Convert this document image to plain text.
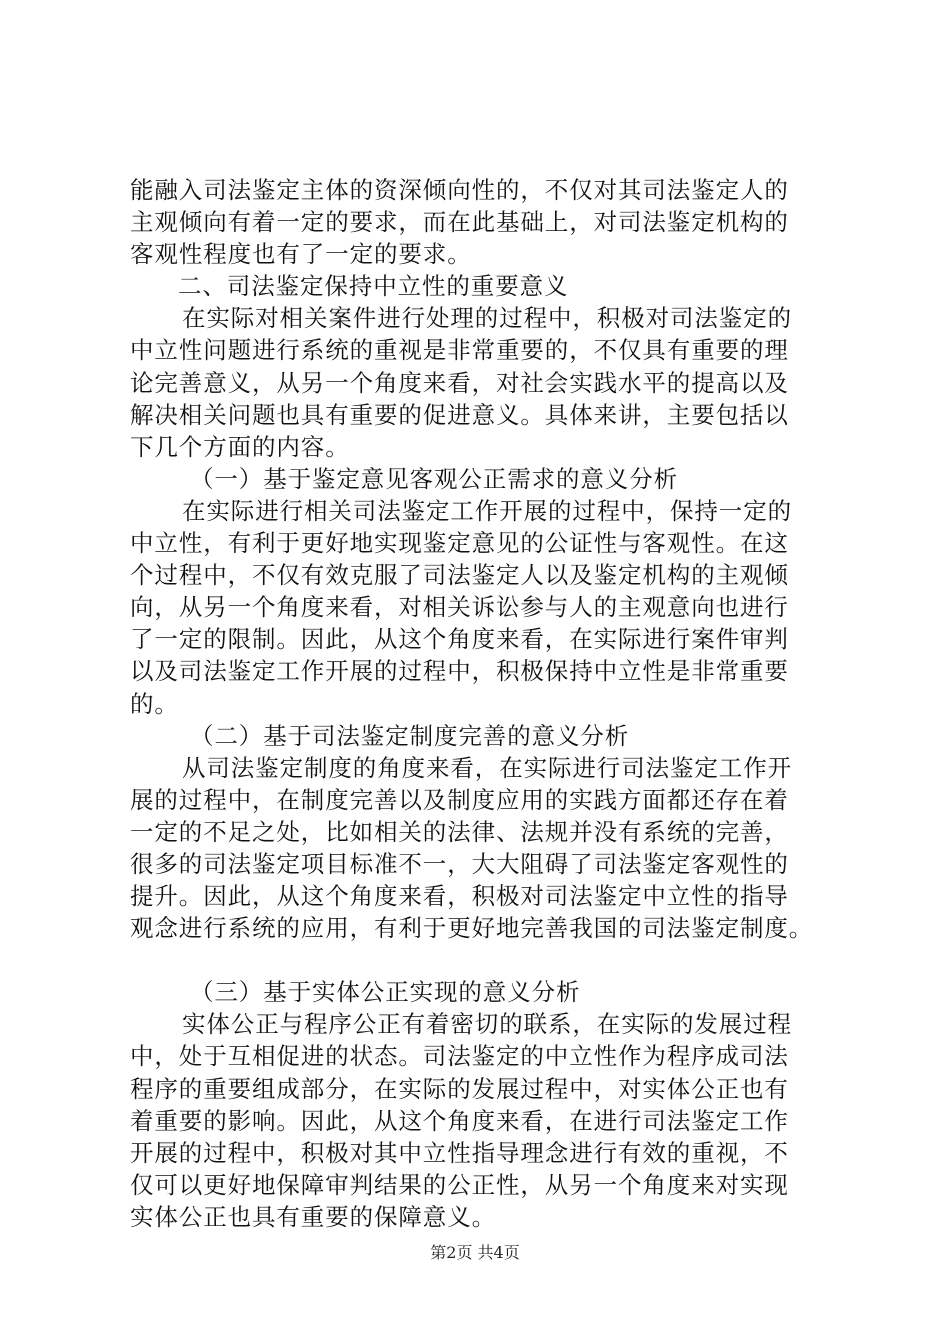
能融入司法鉴定主体的资深倾向性的，不仅对其司法鉴定人的
主观倾向有着一定的要求，而在此基础上，对司法鉴定机构的
客观性程度也有了一定的要求。
二、司法鉴定保持中立性的重要意义
在实际对相关案件进行处理的过程中，积极对司法鉴定的
中立性问题进行系统的重视是非常重要的，不仅具有重要的理
论完善意义，从另一个角度来看，对社会实践水平的提高以及
解决相关问题也具有重要的促进意义。具体来讲，主要包括以
下几个方面的内容。
（一）基于鉴定意见客观公正需求的意义分析
在实际进行相关司法鉴定工作开展的过程中，保持一定的
中立性，有利于更好地实现鉴定意见的公证性与客观性。在这
个过程中，不仅有效克服了司法鉴定人以及鉴定机构的主观倾
向，从另一个角度来看，对相关诉讼参与人的主观意向也进行
了一定的限制。因此，从这个角度来看，在实际进行案件审判
以及司法鉴定工作开展的过程中，积极保持中立性是非常重要
的。
（二）基于司法鉴定制度完善的意义分析
从司法鉴定制度的角度来看，在实际进行司法鉴定工作开
展的过程中，在制度完善以及制度应用的实践方面都还存在着
一定的不足之处，比如相关的法律、法规并没有系统的完善，
很多的司法鉴定项目标准不一，大大阻碍了司法鉴定客观性的
提升。因此，从这个角度来看，积极对司法鉴定中立性的指导
观念进行系统的应用，有利于更好地完善我国的司法鉴定制度。
（三）基于实体公正实现的意义分析
实体公正与程序公正有着密切的联系，在实际的发展过程
中，处于互相促进的状态。司法鉴定的中立性作为程序成司法
程序的重要组成部分，在实际的发展过程中，对实体公正也有
着重要的影响。因此，从这个角度来看，在进行司法鉴定工作
开展的过程中，积极对其中立性指导理念进行有效的重视，不
仅可以更好地保障审判结果的公正性，从另一个角度来对实现
实体公正也具有重要的保障意义。
第2页 共4页
